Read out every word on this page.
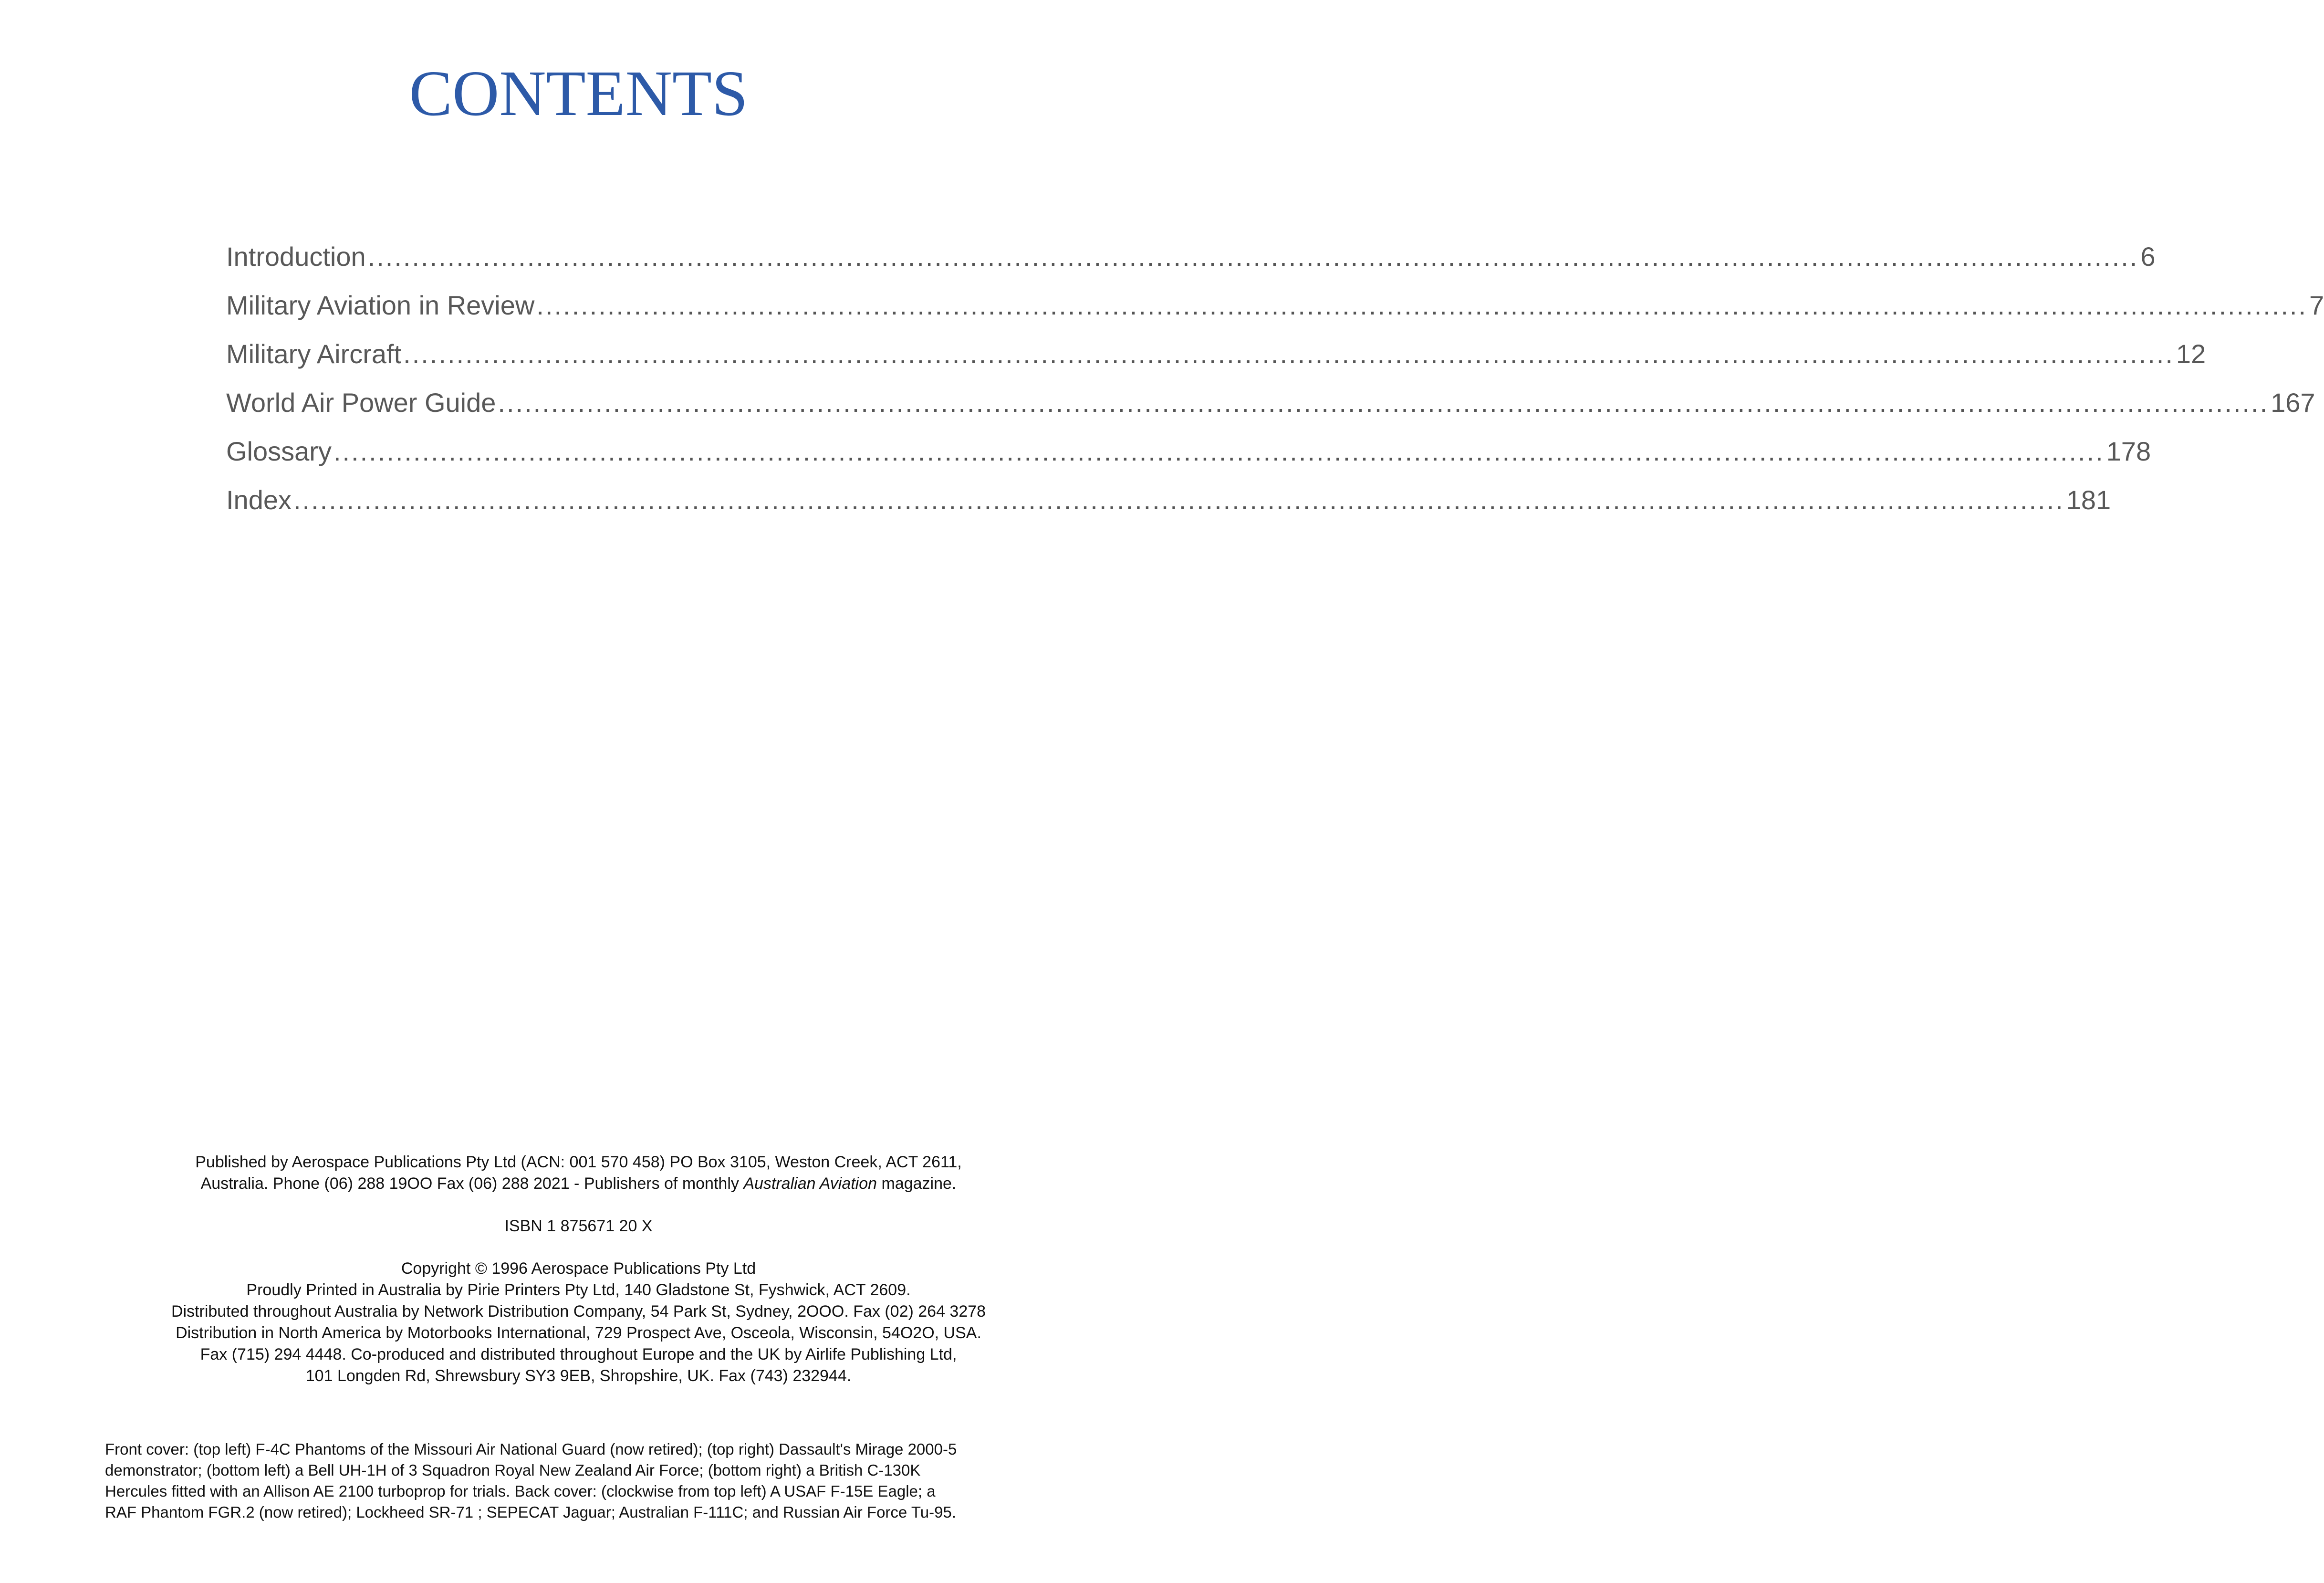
CONTENTS
Introduction ........................................................................................................................................................................................................ 6
Military Aviation in Review ........................................................................................................................................................................................................ 7
Military Aircraft ........................................................................................................................................................................................................ 12
World Air Power Guide ........................................................................................................................................................................................................ 167
Glossary ........................................................................................................................................................................................................ 178
Index ........................................................................................................................................................................................................ 181

Published by Aerospace Publications Pty Ltd (ACN: 001 570 458) PO Box 3105, Weston Creek, ACT 2611,

Australia. Phone (06) 288 19OO Fax (06) 288 2021 - Publishers of monthly Australian Aviation magazine.

ISBN 1 875671 20 X

Copyright © 1996 Aerospace Publications Pty Ltd

Proudly Printed in Australia by Pirie Printers Pty Ltd, 140 Gladstone St, Fyshwick, ACT 2609.

Distributed throughout Australia by Network Distribution Company, 54 Park St, Sydney, 2OOO. Fax (02) 264 3278

Distribution in North America by Motorbooks International, 729 Prospect Ave, Osceola, Wisconsin, 54O2O, USA.

Fax (715) 294 4448. Co-produced and distributed throughout Europe and the UK by Airlife Publishing Ltd,

101 Longden Rd, Shrewsbury SY3 9EB, Shropshire, UK. Fax (743) 232944.

Front cover: (top left) F-4C Phantoms of the Missouri Air National Guard (now retired); (top right) Dassault's Mirage 2000-5

demonstrator; (bottom left) a Bell UH-1H of 3 Squadron Royal New Zealand Air Force; (bottom right) a British C-130K

Hercules fitted with an Allison AE 2100 turboprop for trials. Back cover: (clockwise from top left) A USAF F-15E Eagle; a

RAF Phantom FGR.2 (now retired); Lockheed SR-71 ; SEPECAT Jaguar; Australian F-111C; and Russian Air Force Tu-95.
